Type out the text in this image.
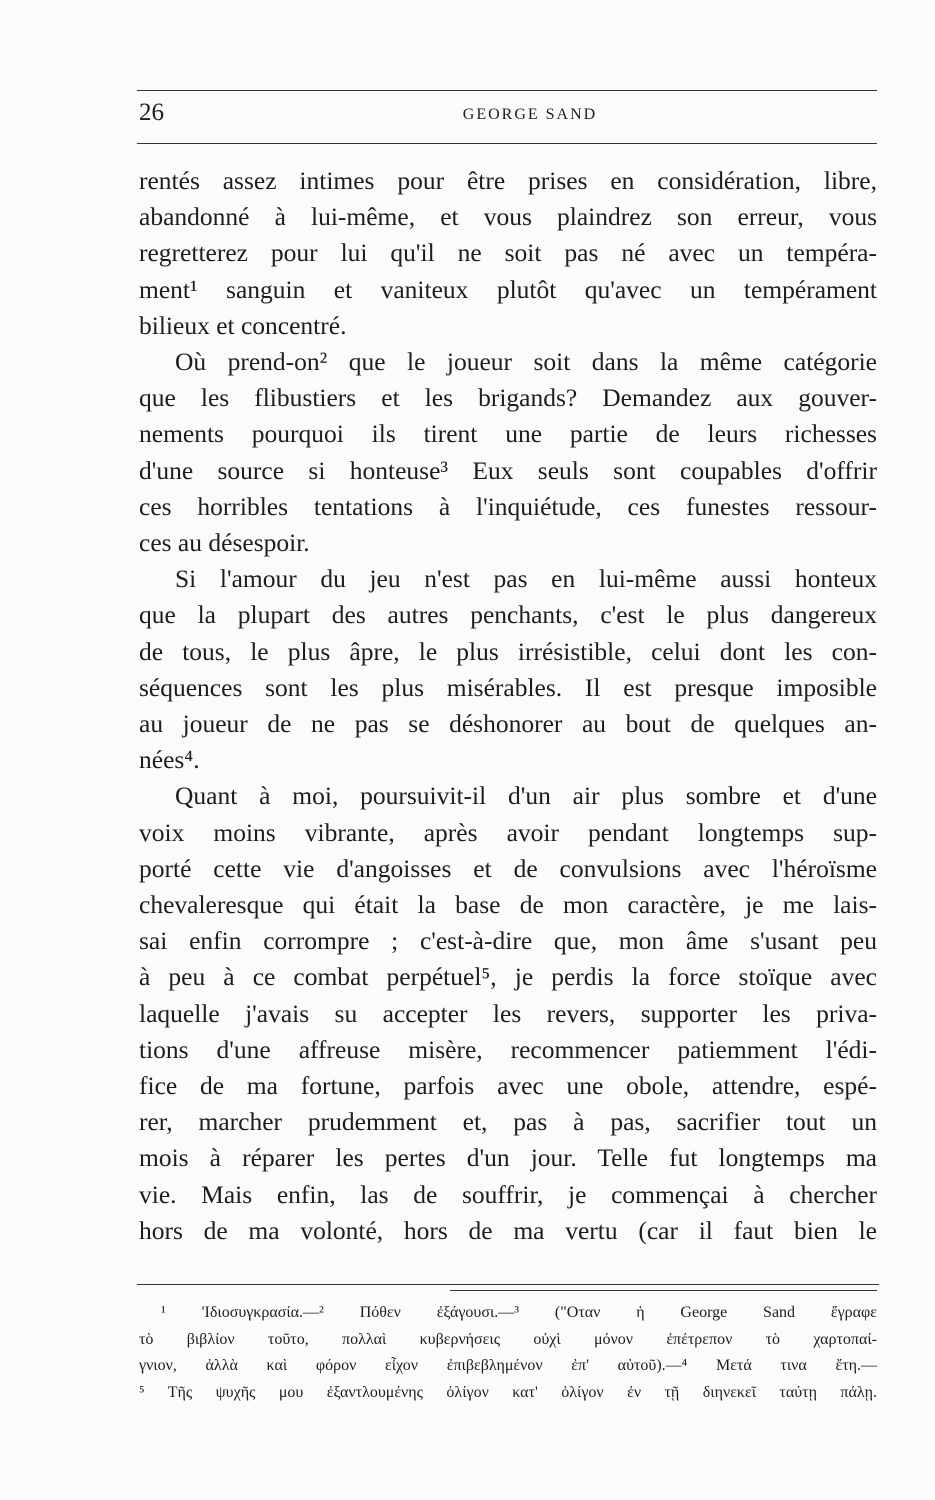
26	GEORGE SAND
rentés assez intimes pour être prises en considération, libre,
abandonné à lui-même, et vous plaindrez son erreur, vous
regretterez pour lui qu'il ne soit pas né avec un tempéra-
ment¹ sanguin et vaniteux plutôt qu'avec un tempérament
bilieux et concentré.
Où prend-on² que le joueur soit dans la même catégorie
que les flibustiers et les brigands? Demandez aux gouver-
nements pourquoi ils tirent une partie de leurs richesses
d'une source si honteuse³ Eux seuls sont coupables d'offrir
ces horribles tentations à l'inquiétude, ces funestes ressour-
ces au désespoir.
Si l'amour du jeu n'est pas en lui-même aussi honteux
que la plupart des autres penchants, c'est le plus dangereux
de tous, le plus âpre, le plus irrésistible, celui dont les con-
séquences sont les plus misérables. Il est presque imposible
au joueur de ne pas se déshonorer au bout de quelques an-
nées⁴.
Quant à moi, poursuivit-il d'un air plus sombre et d'une
voix moins vibrante, après avoir pendant longtemps sup-
porté cette vie d'angoisses et de convulsions avec l'héroïsme
chevaleresque qui était la base de mon caractère, je me lais-
sai enfin corrompre ; c'est-à-dire que, mon âme s'usant peu
à peu à ce combat perpétuel⁵, je perdis la force stoïque avec
laquelle j'avais su accepter les revers, supporter les priva-
tions d'une affreuse misère, recommencer patiemment l'édi-
fice de ma fortune, parfois avec une obole, attendre, espé-
rer, marcher prudemment et, pas à pas, sacrifier tout un
mois à réparer les pertes d'un jour. Telle fut longtemps ma
vie. Mais enfin, las de souffrir, je commençai à chercher
hors de ma volonté, hors de ma vertu (car il faut bien le
¹ 'Ιδιοσυγκρασία.—² Πόθεν ἐξάγουσι.—³ ("Οταν ἡ George Sand ἔγραφε
τὸ βιβλίον τοῦτο, πολλαὶ κυβερνήσεις οὐχὶ μόνον ἐπέτρεπον τὸ χαρτοπαί-
γνιον, ἀλλὰ καὶ φόρον εἶχον ἐπιβεβλημένον ἐπ' αὐτοῦ).—⁴ Μετά τινα ἔτη.—
⁵ Τῆς ψυχῆς μου ἐξαντλουμένης ὀλίγον κατ' ὀλίγον ἐν τῇ διηνεκεῖ ταύτῃ πάλῃ.
